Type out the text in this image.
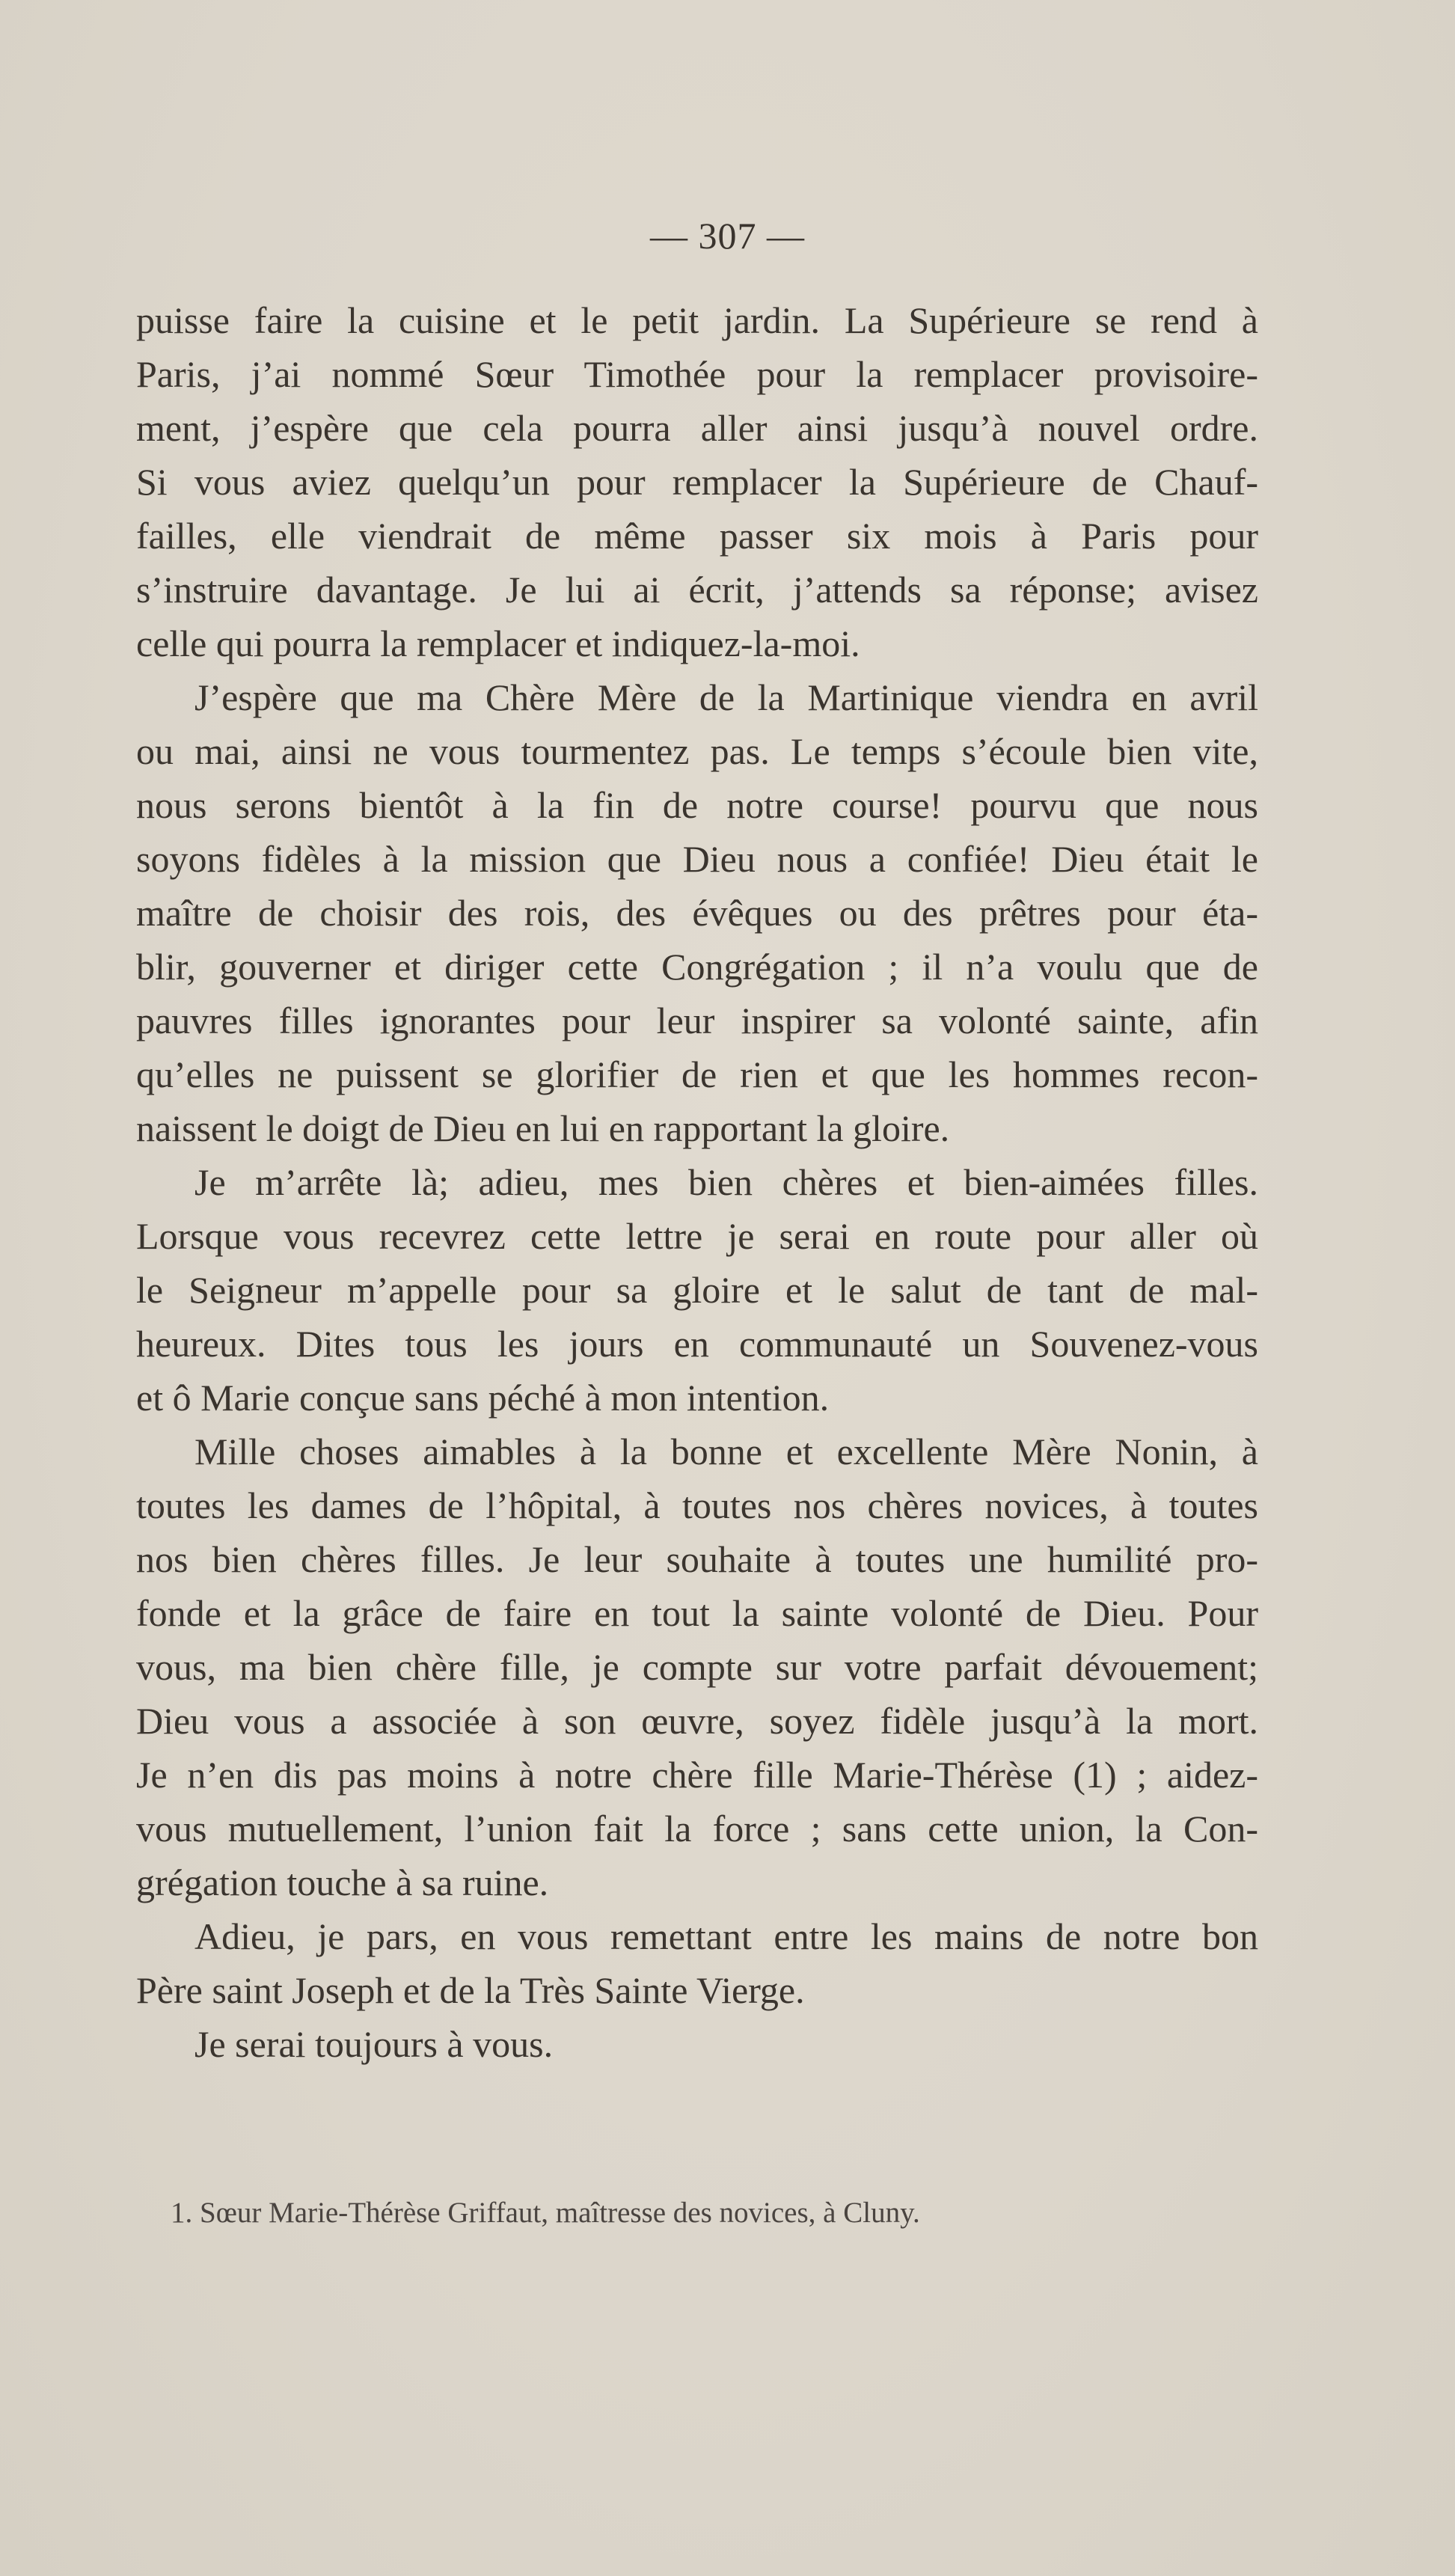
— 307 —
puisse faire la cuisine et le petit jardin. La Supérieure se rend à
Paris, j’ai nommé Sœur Timothée pour la remplacer provisoire-
ment, j’espère que cela pourra aller ainsi jusqu’à nouvel ordre.
Si vous aviez quelqu’un pour remplacer la Supérieure de Chauf-
failles, elle viendrait de même passer six mois à Paris pour
s’instruire davantage. Je lui ai écrit, j’attends sa réponse; avisez
celle qui pourra la remplacer et indiquez-la-moi.
J’espère que ma Chère Mère de la Martinique viendra en avril
ou mai, ainsi ne vous tourmentez pas. Le temps s’écoule bien vite,
nous serons bientôt à la fin de notre course! pourvu que nous
soyons fidèles à la mission que Dieu nous a confiée! Dieu était le
maître de choisir des rois, des évêques ou des prêtres pour éta-
blir, gouverner et diriger cette Congrégation ; il n’a voulu que de
pauvres filles ignorantes pour leur inspirer sa volonté sainte, afin
qu’elles ne puissent se glorifier de rien et que les hommes recon-
naissent le doigt de Dieu en lui en rapportant la gloire.
Je m’arrête là; adieu, mes bien chères et bien-aimées filles.
Lorsque vous recevrez cette lettre je serai en route pour aller où
le Seigneur m’appelle pour sa gloire et le salut de tant de mal-
heureux. Dites tous les jours en communauté un Souvenez-vous
et ô Marie conçue sans péché à mon intention.
Mille choses aimables à la bonne et excellente Mère Nonin, à
toutes les dames de l’hôpital, à toutes nos chères novices, à toutes
nos bien chères filles. Je leur souhaite à toutes une humilité pro-
fonde et la grâce de faire en tout la sainte volonté de Dieu. Pour
vous, ma bien chère fille, je compte sur votre parfait dévouement;
Dieu vous a associée à son œuvre, soyez fidèle jusqu’à la mort.
Je n’en dis pas moins à notre chère fille Marie-Thérèse (1) ; aidez-
vous mutuellement, l’union fait la force ; sans cette union, la Con-
grégation touche à sa ruine.
Adieu, je pars, en vous remettant entre les mains de notre bon
Père saint Joseph et de la Très Sainte Vierge.
Je serai toujours à vous.
1. Sœur Marie-Thérèse Griffaut, maîtresse des novices, à Cluny.
